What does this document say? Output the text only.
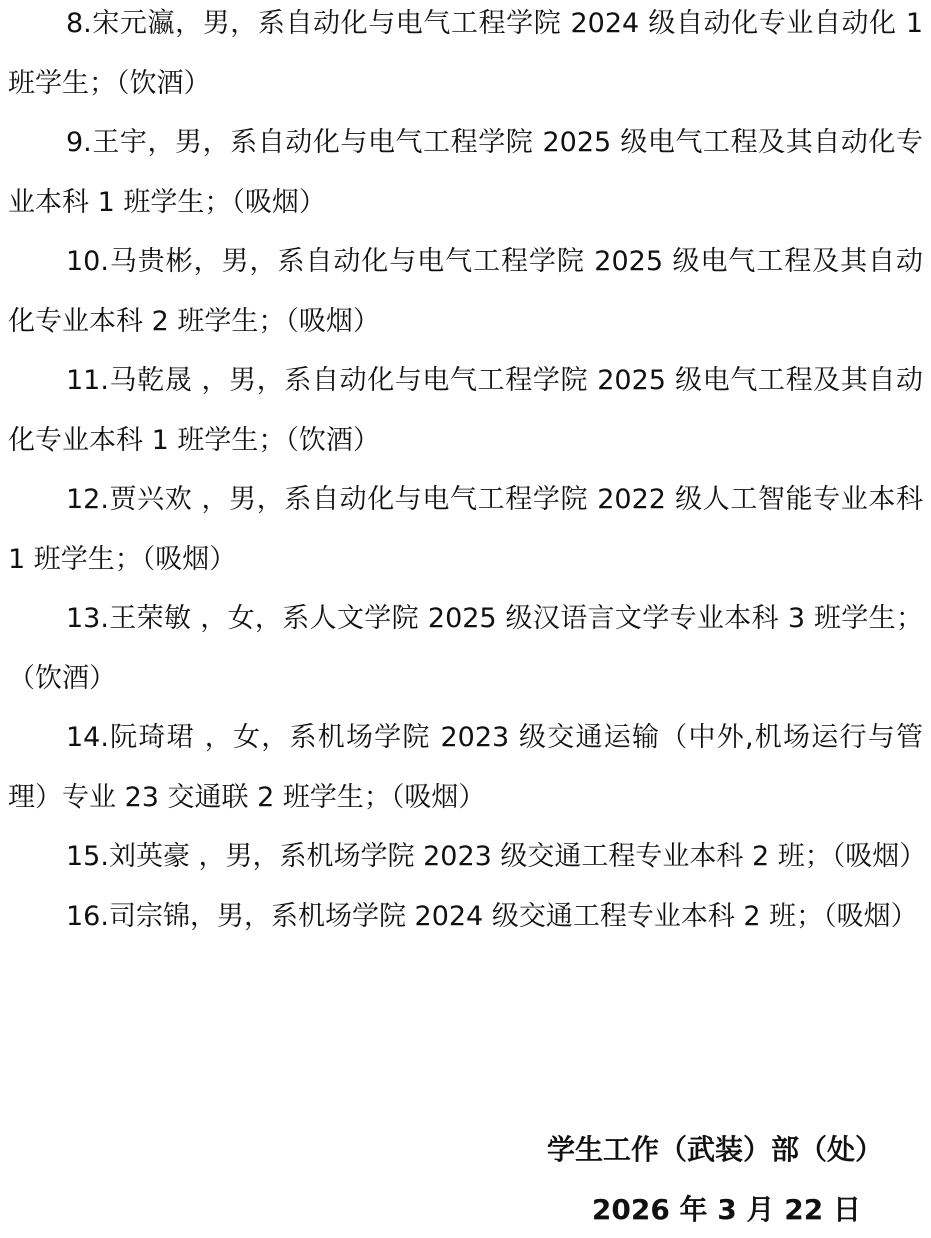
8.宋元瀛，男，系自动化与电气工程学院 2024 级自动化专业自动化 1 班学生；（饮酒）

9.王宇，男，系自动化与电气工程学院 2025 级电气工程及其自动化专业本科 1 班学生；（吸烟）

10.马贵彬，男，系自动化与电气工程学院 2025 级电气工程及其自动化专业本科 2 班学生；（吸烟）

11.马乾晟 ，男，系自动化与电气工程学院 2025 级电气工程及其自动化专业本科 1 班学生；（饮酒）

12.贾兴欢 ，男，系自动化与电气工程学院 2022 级人工智能专业本科 1 班学生；（吸烟）

13.王荣敏 ，女，系人文学院 2025 级汉语言文学专业本科 3 班学生；（饮酒）

14.阮琦珺 ，女，系机场学院 2023 级交通运输（中外,机场运行与管理）专业 23 交通联 2 班学生；（吸烟）

15.刘英豪 ，男，系机场学院 2023 级交通工程专业本科 2 班；（吸烟）

16.司宗锦，男，系机场学院 2024 级交通工程专业本科 2 班；（吸烟）

学生工作（武装）部（处）
2026 年 3 月 22 日
